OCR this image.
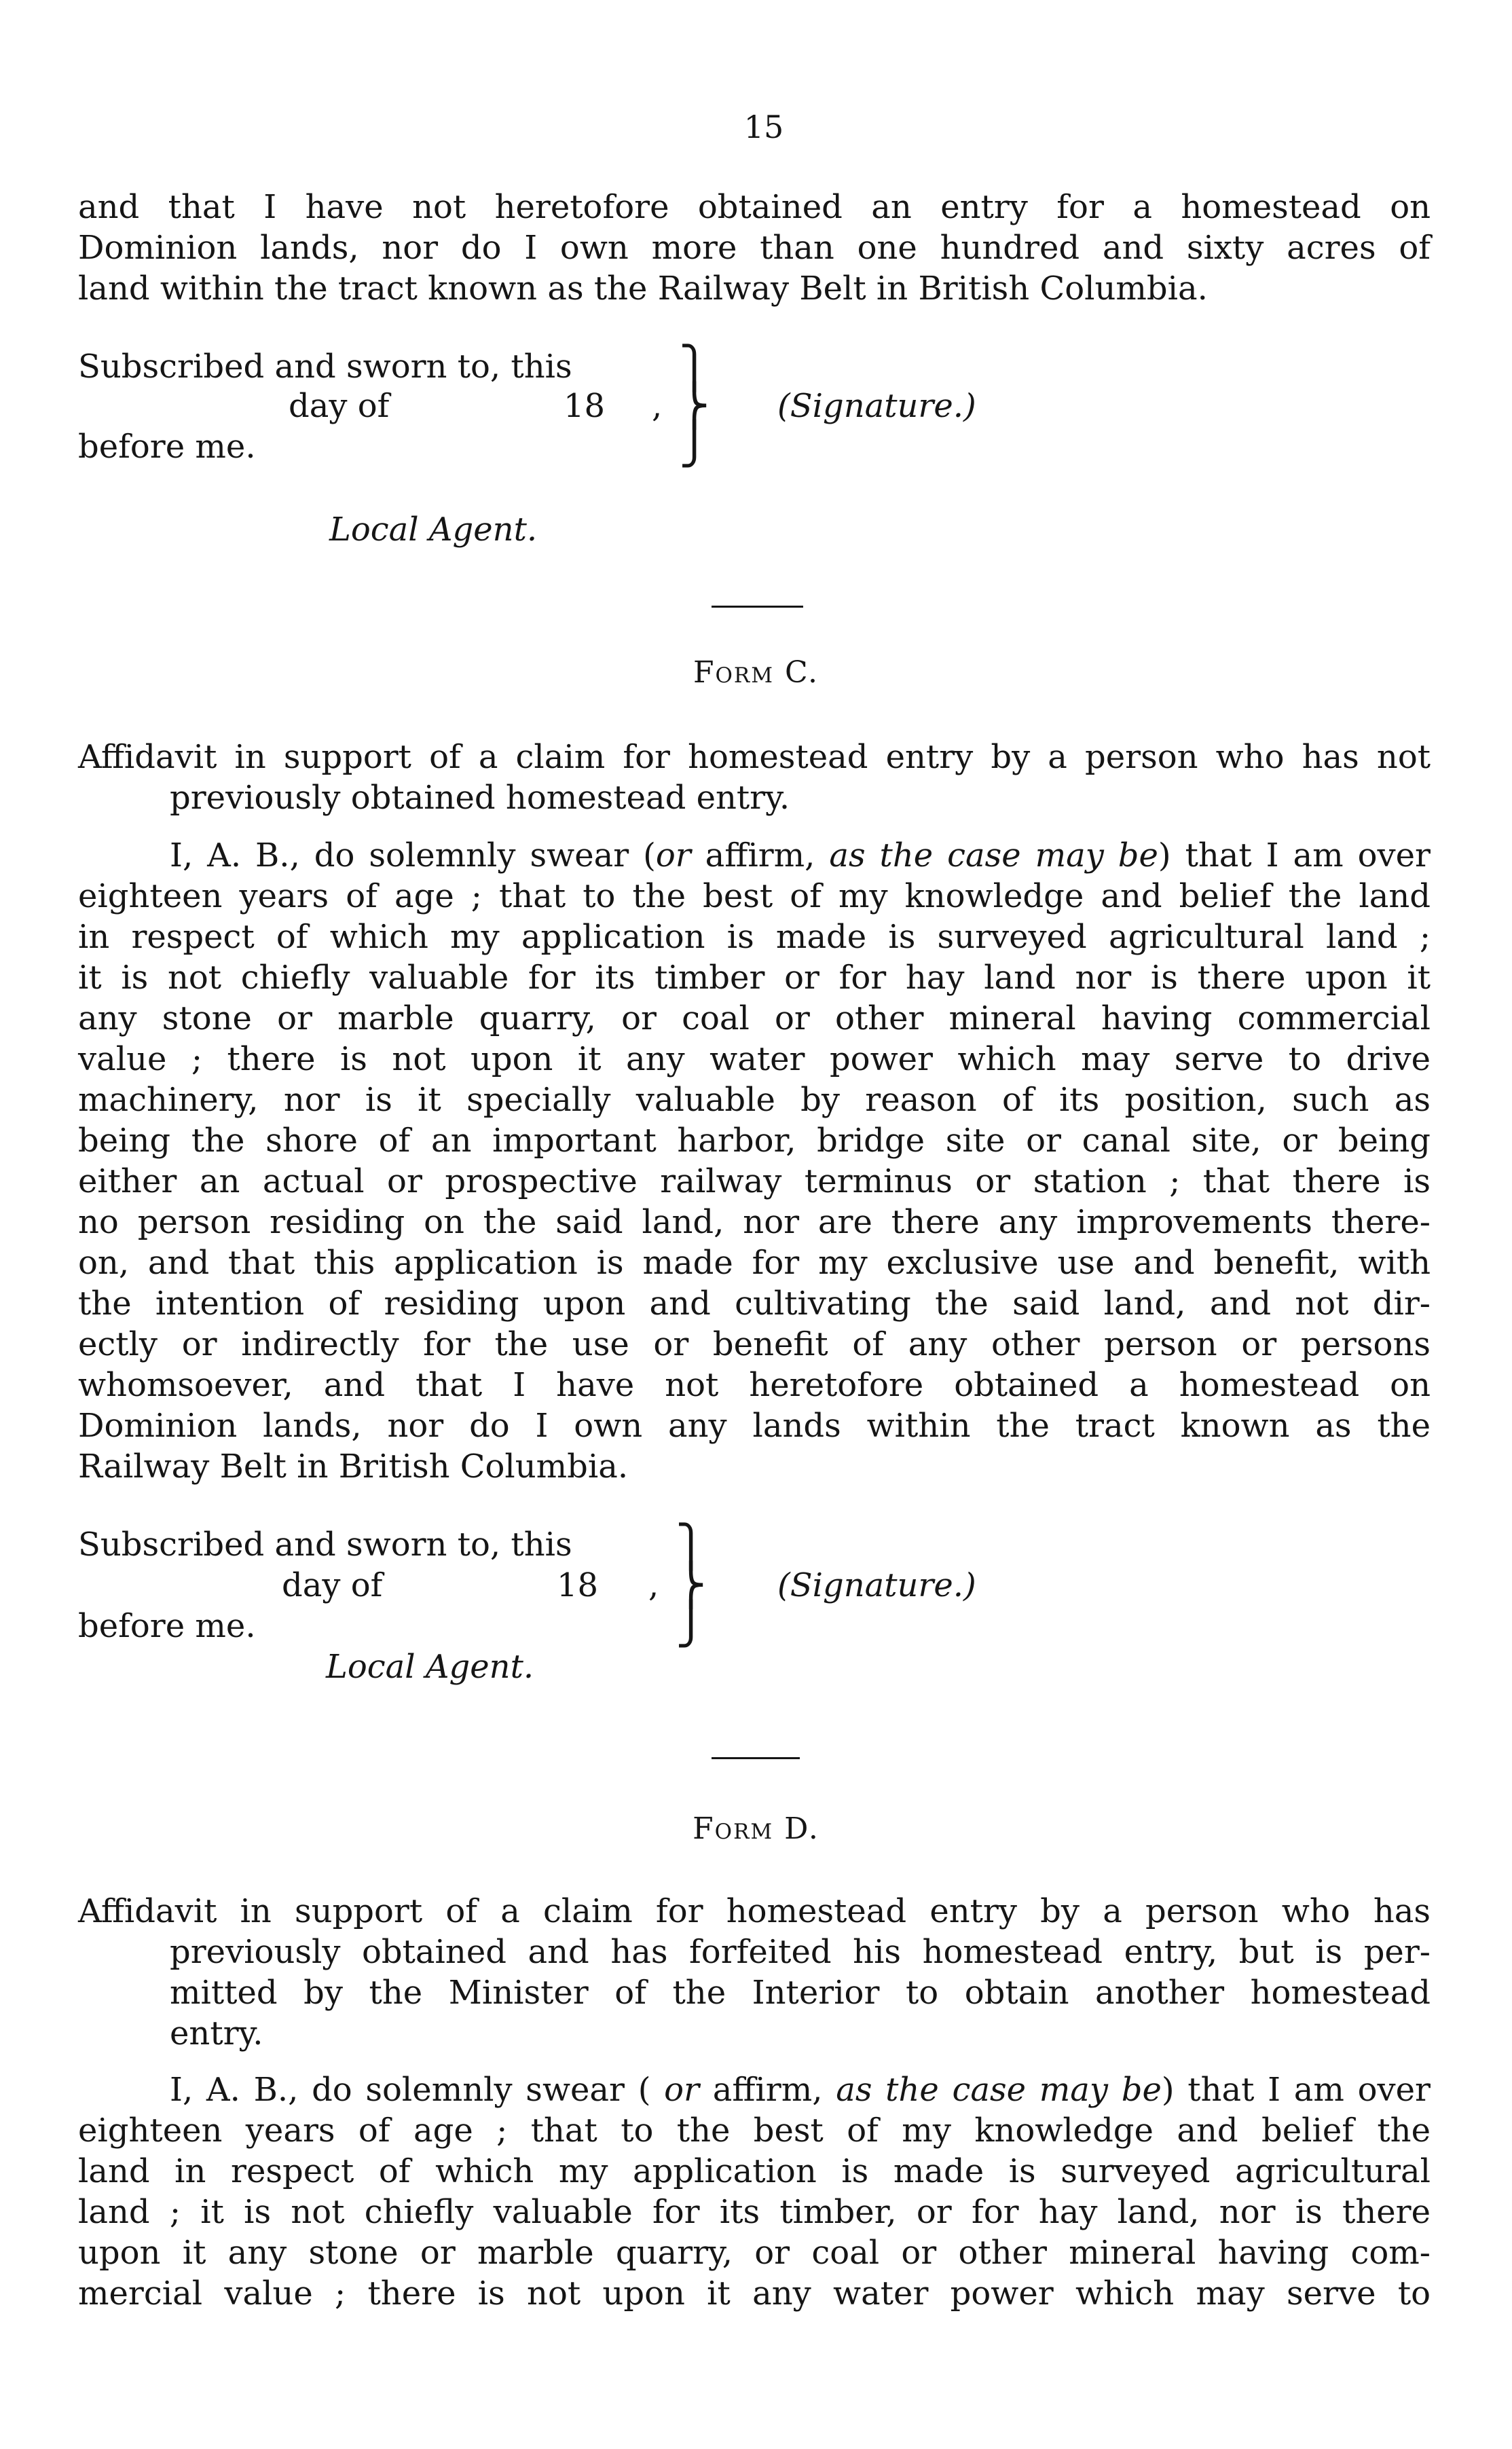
15
and that I have not heretofore obtained an entry for a homestead on
Dominion lands, nor do I own more than one hundred and sixty acres of
land within the tract known as the Railway Belt in British Columbia.
Subscribed and sworn to, this
day of	18 ,
before me.
⎫
⎬
⎭
(Signature.)
Local Agent.
Form C.
Affidavit in support of a claim for homestead entry by a person who has not
previously obtained homestead entry.
I, A. B., do solemnly swear (or affirm, as the case may be) that I am over
eighteen years of age ; that to the best of my knowledge and belief the land
in respect of which my application is made is surveyed agricultural land ;
it is not chiefly valuable for its timber or for hay land nor is there upon it
any stone or marble quarry, or coal or other mineral having commercial
value ; there is not upon it any water power which may serve to drive
machinery, nor is it specially valuable by reason of its position, such as
being the shore of an important harbor, bridge site or canal site, or being
either an actual or prospective railway terminus or station ; that there is
no person residing on the said land, nor are there any improvements there-
on, and that this application is made for my exclusive use and benefit, with
the intention of residing upon and cultivating the said land, and not dir-
ectly or indirectly for the use or benefit of any other person or persons
whomsoever, and that I have not heretofore obtained a homestead on
Dominion lands, nor do I own any lands within the tract known as the
Railway Belt in British Columbia.
Subscribed and sworn to, this
day of	18 ,
before me.
⎫
⎬
⎭
(Signature.)
Local Agent.
Form D.
Affidavit in support of a claim for homestead entry by a person who has
previously obtained and has forfeited his homestead entry, but is per-
mitted by the Minister of the Interior to obtain another homestead
entry.
I, A. B., do solemnly swear ( or affirm, as the case may be) that I am over
eighteen years of age ; that to the best of my knowledge and belief the
land in respect of which my application is made is surveyed agricultural
land ; it is not chiefly valuable for its timber, or for hay land, nor is there
upon it any stone or marble quarry, or coal or other mineral having com-
mercial value ; there is not upon it any water power which may serve to
